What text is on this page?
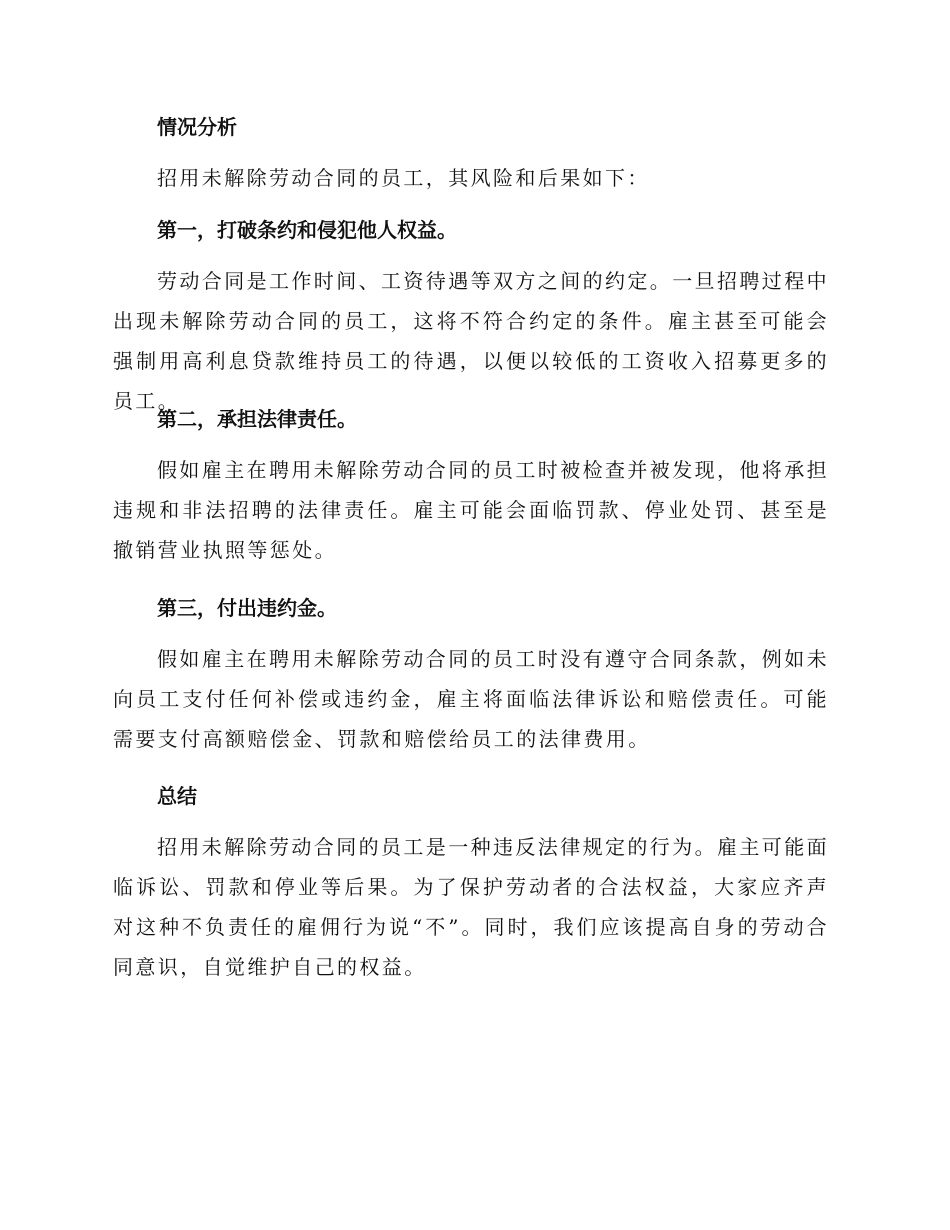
情况分析
招用未解除劳动合同的员工，其风险和后果如下：
第一，打破条约和侵犯他人权益。
劳动合同是工作时间、工资待遇等双方之间的约定。一旦招聘过程中出现未解除劳动合同的员工，这将不符合约定的条件。雇主甚至可能会强制用高利息贷款维持员工的待遇，以便以较低的工资收入招募更多的员工。
第二，承担法律责任。
假如雇主在聘用未解除劳动合同的员工时被检查并被发现，他将承担违规和非法招聘的法律责任。雇主可能会面临罚款、停业处罚、甚至是撤销营业执照等惩处。
第三，付出违约金。
假如雇主在聘用未解除劳动合同的员工时没有遵守合同条款，例如未向员工支付任何补偿或违约金，雇主将面临法律诉讼和赔偿责任。可能需要支付高额赔偿金、罚款和赔偿给员工的法律费用。
总结
招用未解除劳动合同的员工是一种违反法律规定的行为。雇主可能面临诉讼、罚款和停业等后果。为了保护劳动者的合法权益，大家应齐声对这种不负责任的雇佣行为说“不”。同时，我们应该提高自身的劳动合同意识，自觉维护自己的权益。
